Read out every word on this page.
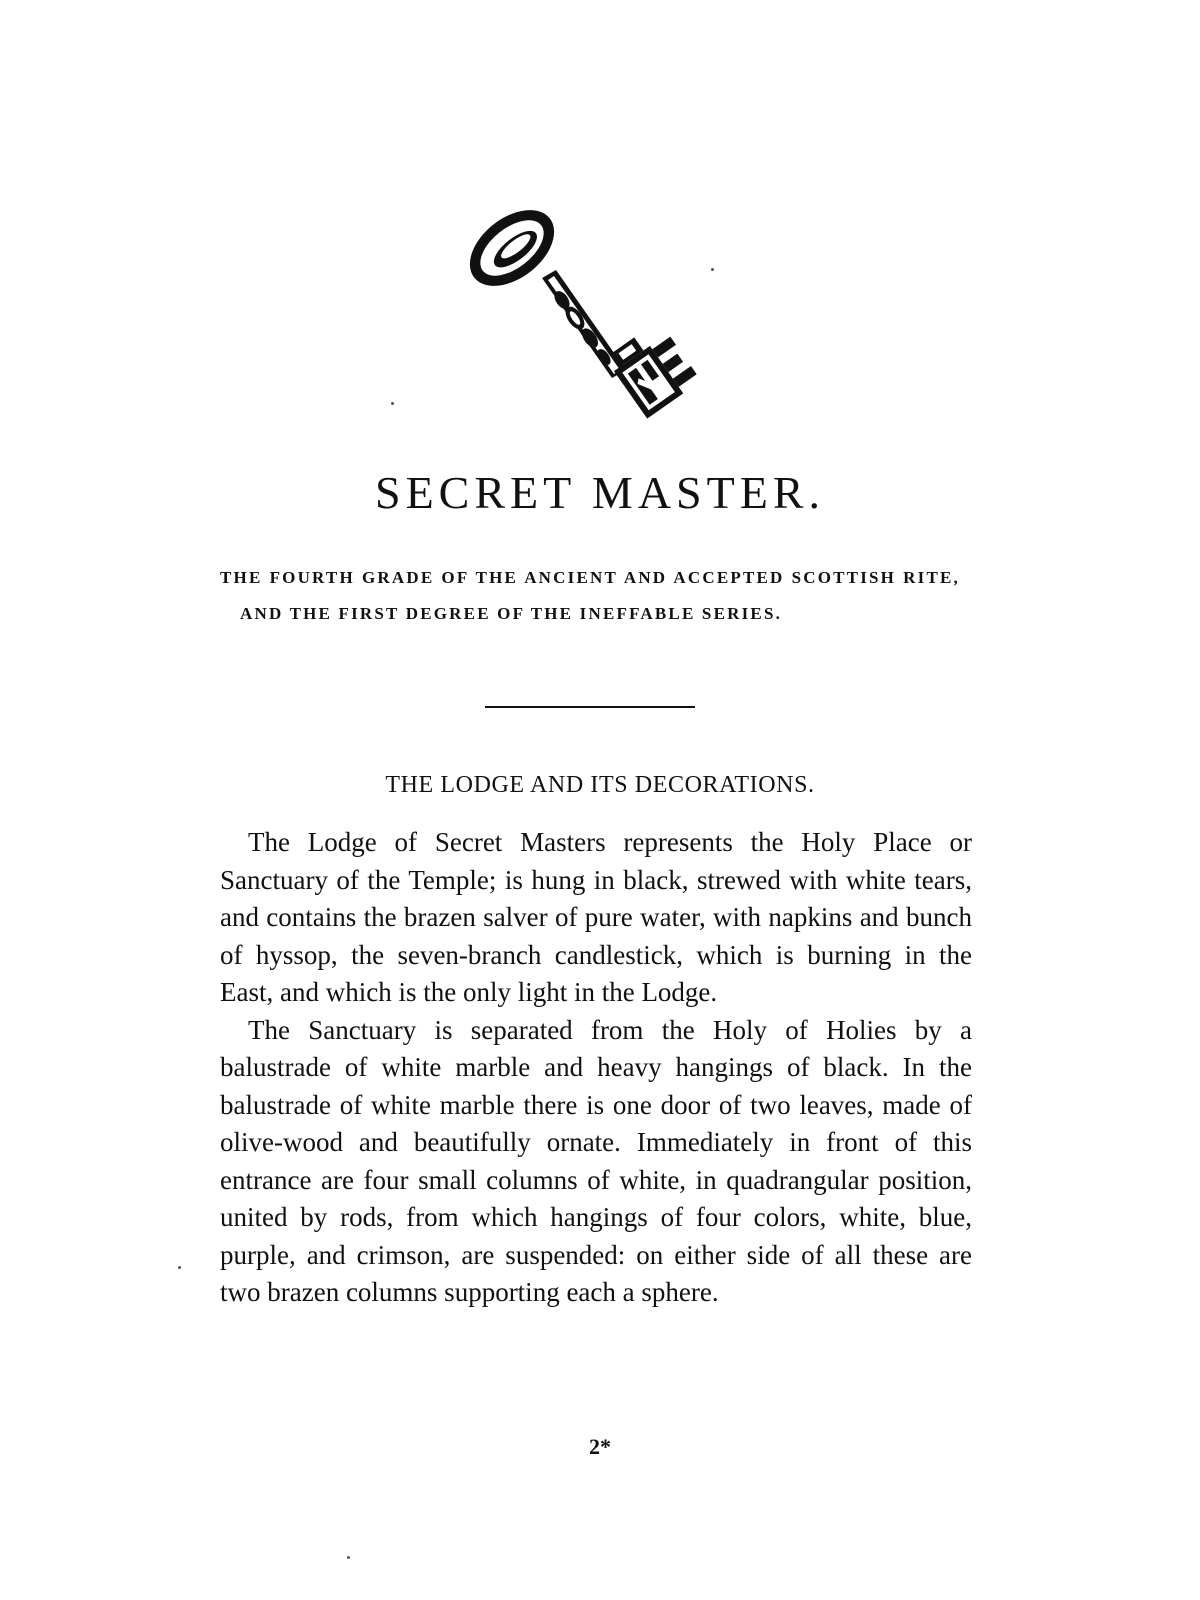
SECRET MASTER.

THE FOURTH GRADE OF THE ANCIENT AND ACCEPTED SCOTTISH RITE, AND THE FIRST DEGREE OF THE INEFFABLE SERIES.

THE LODGE AND ITS DECORATIONS.

The Lodge of Secret Masters represents the Holy Place or Sanctuary of the Temple; is hung in black, strewed with white tears, and contains the brazen salver of pure water, with napkins and bunch of hyssop, the seven-branch candlestick, which is burning in the East, and which is the only light in the Lodge.

The Sanctuary is separated from the Holy of Holies by a balustrade of white marble and heavy hangings of black. In the balustrade of white marble there is one door of two leaves, made of olive-wood and beautifully ornate. Immediately in front of this entrance are four small columns of white, in quadrangular position, united by rods, from which hangings of four colors, white, blue, purple, and crimson, are suspended: on either side of all these are two brazen columns supporting each a sphere.

2*
